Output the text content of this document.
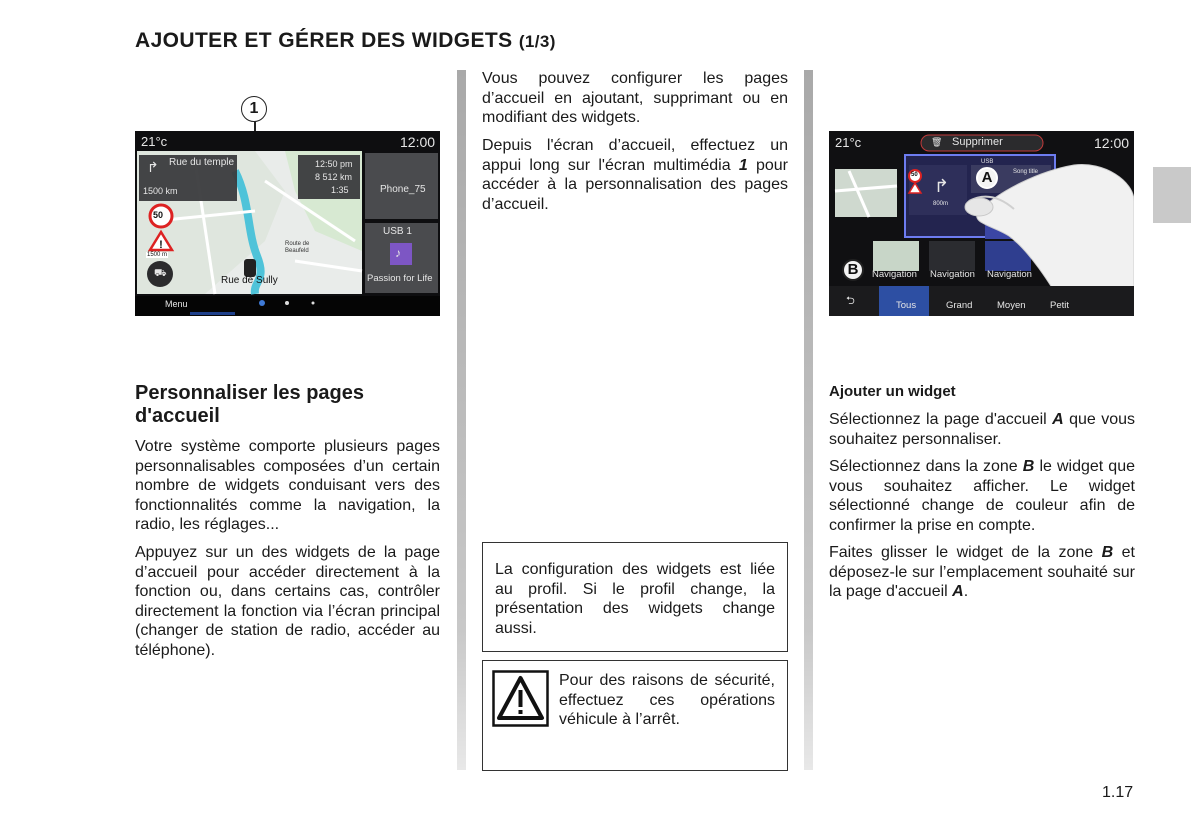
AJOUTER ET GÉRER DES WIDGETS (1/3)
1
!
21°c	12:00
Rue du temple
↱
1500 km
12:50 pm
8 512 km
1:35
50
1500 m
Route de Beaufeld
Rue de Sully
⛟
Phone_75
USB 1
Passion for Life
♪
Menu
Personnaliser les pages d'accueil

Votre système comporte plusieurs pages personnalisables composées d’un certain nombre de widgets conduisant vers des fonctionnalités comme la navigation, la radio, les réglages...

Appuyez sur un des widgets de la page d’accueil pour accéder directement à la fonction ou, dans certains cas, contrôler directement la fonction via l’écran principal (changer de station de radio, accéder au téléphone).

Vous pouvez configurer les pages d’accueil en ajoutant, supprimant ou en modifiant des widgets.

Depuis l'écran d’accueil, effectuez un appui long sur l'écran multimédia 1 pour accéder à la personnalisation des pages d’accueil.

La configuration des widgets est liée au profil. Si le profil change, la présentation des widgets change aussi.

Pour des raisons de sécurité, effectuez ces opérations véhicule à l’arrêt.

21°c	12:00
🗑 Supprimer
50
↱
800m
USB
Song title
A
B	Navigation Navigation Navigation
⮌	Tous	Grand	Moyen	Petit
Ajouter un widget

Sélectionnez la page d'accueil A que vous souhaitez personnaliser.

Sélectionnez dans la zone B le widget que vous souhaitez afficher. Le widget sélectionné change de couleur afin de confirmer la prise en compte.

Faites glisser le widget de la zone B et déposez-le sur l’emplacement souhaité sur la page d'accueil A.

1.17
